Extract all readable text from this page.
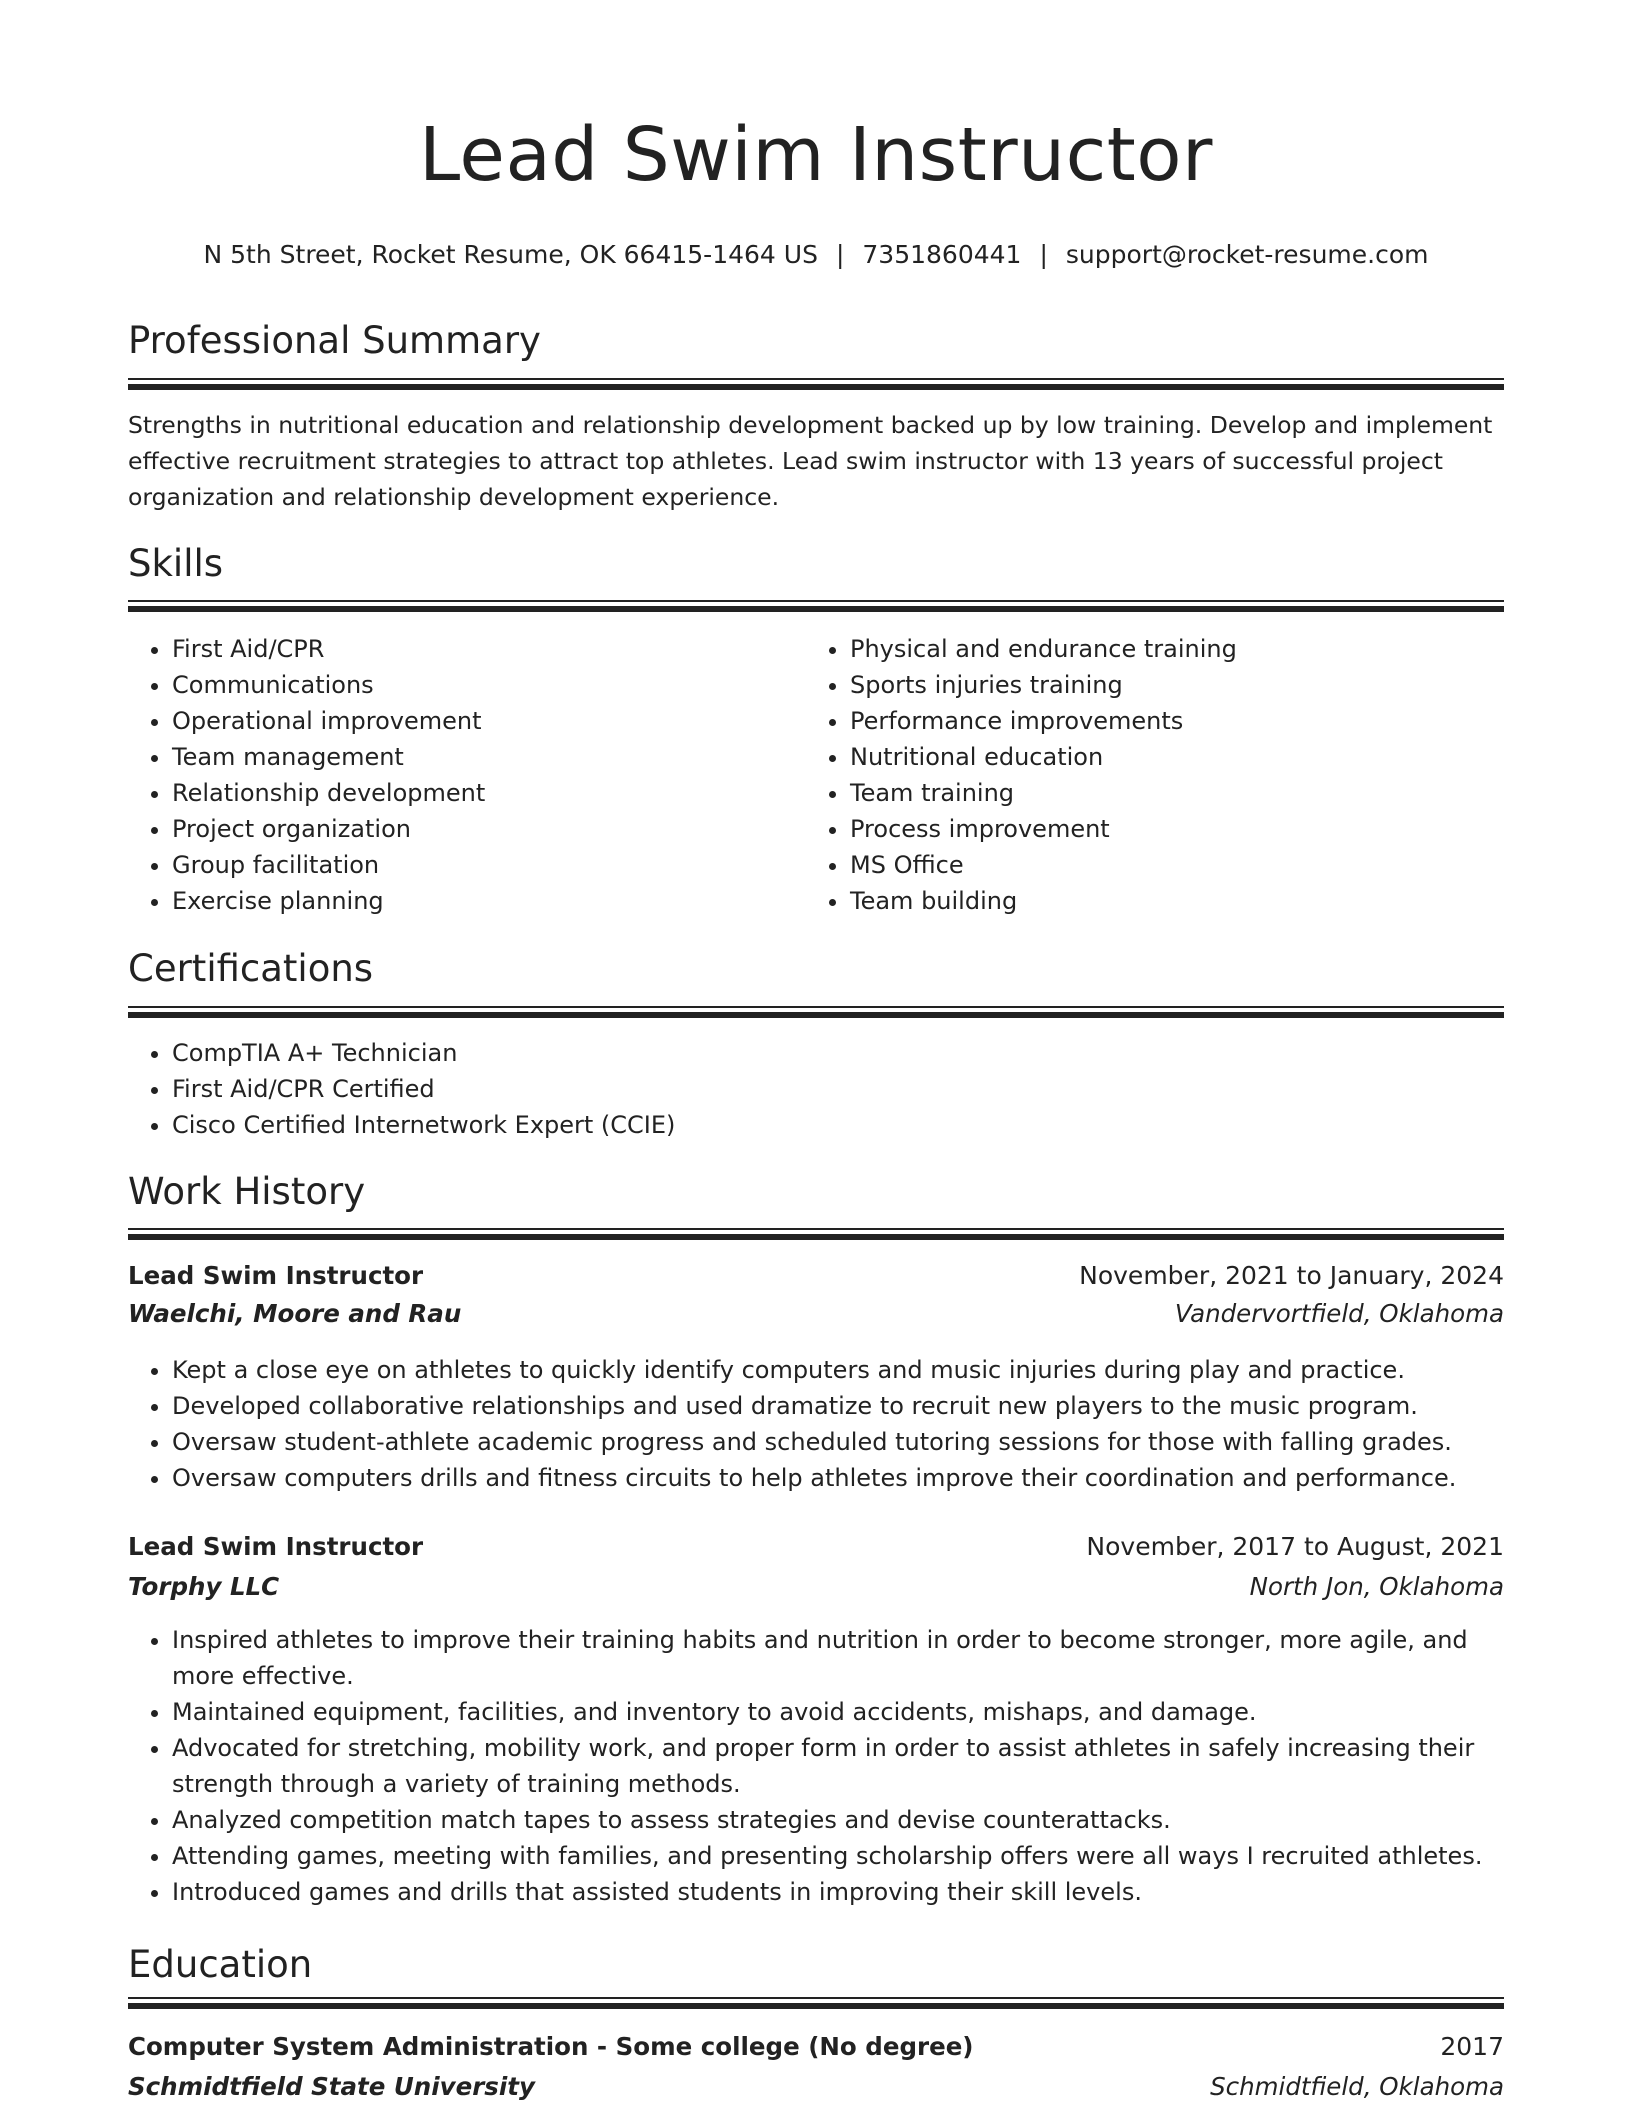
Lead Swim Instructor
N 5th Street, Rocket Resume, OK 66415-1464 US | 7351860441 | support@rocket-resume.com
Professional Summary

Strengths in nutritional education and relationship development backed up by low training. Develop and implement effective recruitment strategies to attract top athletes. Lead swim instructor with 13 years of successful project organization and relationship development experience.

Skills
• First Aid/CPR
• Communications
• Operational improvement
• Team management
• Relationship development
• Project organization
• Group facilitation
• Exercise planning
• Physical and endurance training
• Sports injuries training
• Performance improvements
• Nutritional education
• Team training
• Process improvement
• MS Office
• Team building
Certifications
• CompTIA A+ Technician
• First Aid/CPR Certified
• Cisco Certified Internetwork Expert (CCIE)
Work History
Lead Swim Instructor	November, 2021 to January, 2024
Waelchi, Moore and Rau	Vandervortfield, Oklahoma
• Kept a close eye on athletes to quickly identify computers and music injuries during play and practice.
• Developed collaborative relationships and used dramatize to recruit new players to the music program.
• Oversaw student-athlete academic progress and scheduled tutoring sessions for those with falling grades.
• Oversaw computers drills and fitness circuits to help athletes improve their coordination and performance.
Lead Swim Instructor	November, 2017 to August, 2021
Torphy LLC	North Jon, Oklahoma
• Inspired athletes to improve their training habits and nutrition in order to become stronger, more agile, and more effective.
• Maintained equipment, facilities, and inventory to avoid accidents, mishaps, and damage.
• Advocated for stretching, mobility work, and proper form in order to assist athletes in safely increasing their strength through a variety of training methods.
• Analyzed competition match tapes to assess strategies and devise counterattacks.
• Attending games, meeting with families, and presenting scholarship offers were all ways I recruited athletes.
• Introduced games and drills that assisted students in improving their skill levels.
Education
Computer System Administration - Some college (No degree)	2017
Schmidtfield State University	Schmidtfield, Oklahoma
